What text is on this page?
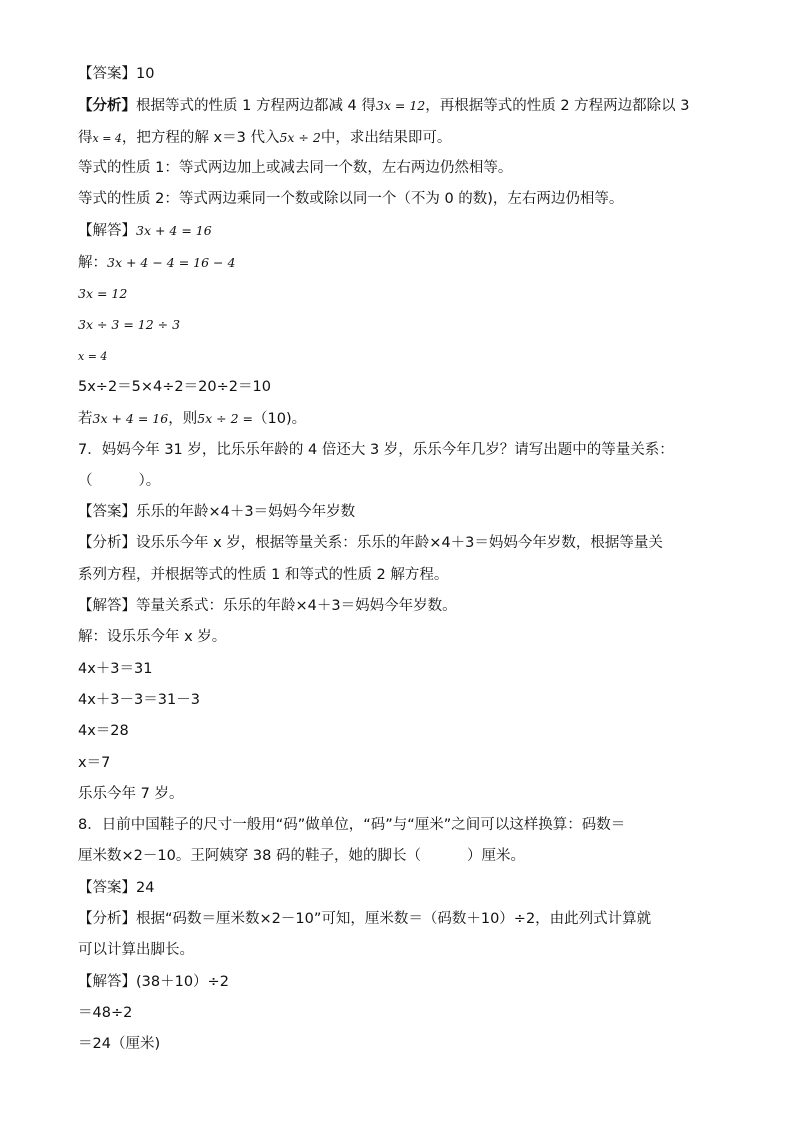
【答案】10
【分析】根据等式的性质 1 方程两边都减 4 得3x = 12，再根据等式的性质 2 方程两边都除以 3
得x = 4，把方程的解 x＝3 代入5x ÷ 2中，求出结果即可。
等式的性质 1：等式两边加上或减去同一个数，左右两边仍然相等。
等式的性质 2：等式两边乘同一个数或除以同一个（不为 0 的数)，左右两边仍相等。
【解答】3x + 4 = 16
解：3x + 4 − 4 = 16 − 4
3x = 12
3x ÷ 3 = 12 ÷ 3
x = 4
5x÷2＝5×4÷2＝20÷2＝10
若3x + 4 = 16，则5x ÷ 2 =（10)。
7．妈妈今年 31 岁，比乐乐年龄的 4 倍还大 3 岁，乐乐今年几岁？请写出题中的等量关系：
（	）。
【答案】乐乐的年龄×4＋3＝妈妈今年岁数
【分析】设乐乐今年 x 岁，根据等量关系：乐乐的年龄×4＋3＝妈妈今年岁数，根据等量关
系列方程，并根据等式的性质 1 和等式的性质 2 解方程。
【解答】等量关系式：乐乐的年龄×4＋3＝妈妈今年岁数。
解：设乐乐今年 x 岁。
4x＋3＝31
4x＋3－3＝31－3
4x＝28
x＝7
乐乐今年 7 岁。
8．日前中国鞋子的尺寸一般用“码”做单位，“码”与“厘米”之间可以这样换算：码数＝
厘米数×2－10。王阿姨穿 38 码的鞋子，她的脚长（	）厘米。
【答案】24
【分析】根据“码数＝厘米数×2－10”可知，厘米数＝（码数＋10）÷2，由此列式计算就
可以计算出脚长。
【解答】(38＋10）÷2
＝48÷2
＝24（厘米)
